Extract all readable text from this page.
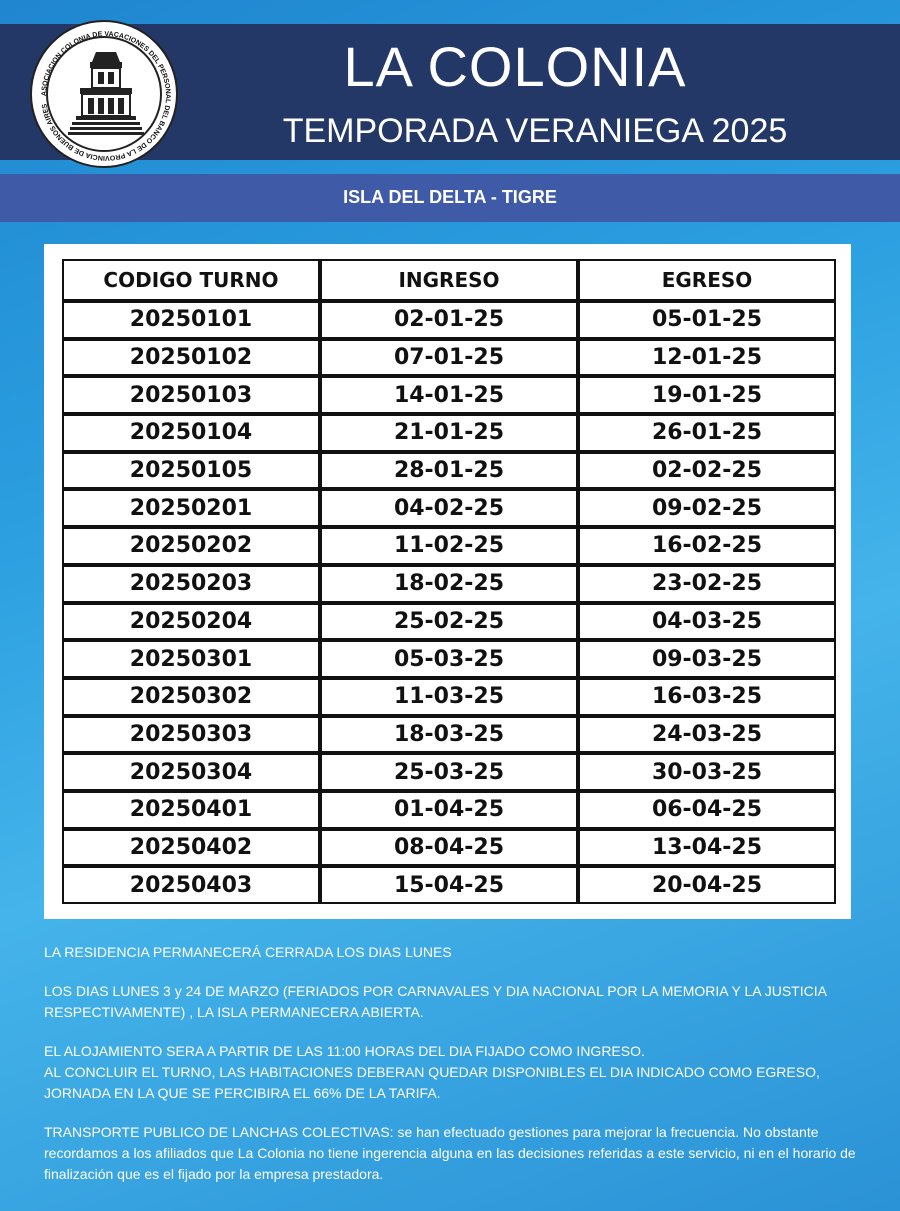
ASOCIACION COLONIA DE VACACIONES DEL PERSONAL DEL BANCO DE LA PROVINCIA DE BUENOS AIRES
LA COLONIA
TEMPORADA VERANIEGA 2025
ISLA DEL DELTA - TIGRE
CODIGO TURNO	INGRESO	EGRESO
20250101	02-01-25	05-01-25
20250102	07-01-25	12-01-25
20250103	14-01-25	19-01-25
20250104	21-01-25	26-01-25
20250105	28-01-25	02-02-25
20250201	04-02-25	09-02-25
20250202	11-02-25	16-02-25
20250203	18-02-25	23-02-25
20250204	25-02-25	04-03-25
20250301	05-03-25	09-03-25
20250302	11-03-25	16-03-25
20250303	18-03-25	24-03-25
20250304	25-03-25	30-03-25
20250401	01-04-25	06-04-25
20250402	08-04-25	13-04-25
20250403	15-04-25	20-04-25

LA RESIDENCIA PERMANECERÁ CERRADA LOS DIAS LUNES

LOS DIAS LUNES 3 y 24 DE MARZO (FERIADOS POR CARNAVALES Y DIA NACIONAL POR LA MEMORIA Y LA JUSTICIA RESPECTIVAMENTE) , LA ISLA PERMANECERA ABIERTA.

EL ALOJAMIENTO SERA A PARTIR DE LAS 11:00 HORAS DEL DIA FIJADO COMO INGRESO.
AL CONCLUIR EL TURNO, LAS HABITACIONES DEBERAN QUEDAR DISPONIBLES EL DIA INDICADO COMO EGRESO, JORNADA EN LA QUE SE PERCIBIRA EL 66% DE LA TARIFA.

TRANSPORTE PUBLICO DE LANCHAS COLECTIVAS: se han efectuado gestiones para mejorar la frecuencia. No obstante recordamos a los afiliados que La Colonia no tiene ingerencia alguna en las decisiones referidas a este servicio, ni en el horario de finalización que es el fijado por la empresa prestadora.
